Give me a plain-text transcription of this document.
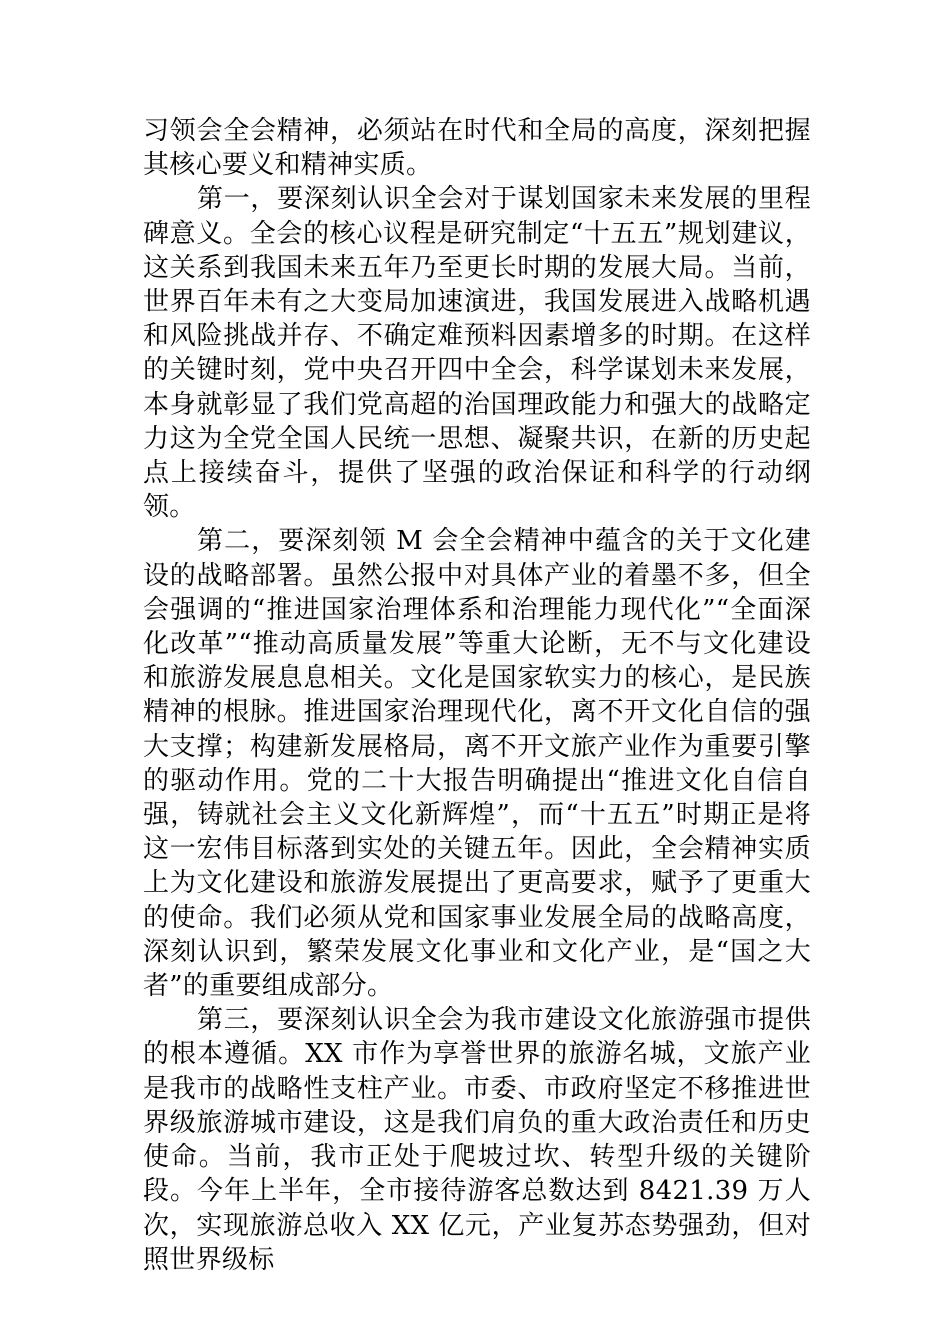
习领会全会精神，必须站在时代和全局的高度，深刻把握其核心要义和精神实质。

第一，要深刻认识全会对于谋划国家未来发展的里程碑意义。全会的核心议程是研究制定“十五五”规划建议，这关系到我国未来五年乃至更长时期的发展大局。当前，世界百年未有之大变局加速演进，我国发展进入战略机遇和风险挑战并存、不确定难预料因素增多的时期。在这样的关键时刻，党中央召开四中全会，科学谋划未来发展，本身就彰显了我们党高超的治国理政能力和强大的战略定力这为全党全国人民统一思想、凝聚共识，在新的历史起点上接续奋斗，提供了坚强的政治保证和科学的行动纲领。

第二，要深刻领 M 会全会精神中蕴含的关于文化建设的战略部署。虽然公报中对具体产业的着墨不多，但全会强调的“推进国家治理体系和治理能力现代化”“全面深化改革”“推动高质量发展”等重大论断，无不与文化建设和旅游发展息息相关。文化是国家软实力的核心，是民族精神的根脉。推进国家治理现代化，离不开文化自信的强大支撑；构建新发展格局，离不开文旅产业作为重要引擎的驱动作用。党的二十大报告明确提出“推进文化自信自强，铸就社会主义文化新辉煌”，而“十五五”时期正是将这一宏伟目标落到实处的关键五年。因此，全会精神实质上为文化建设和旅游发展提出了更高要求，赋予了更重大的使命。我们必须从党和国家事业发展全局的战略高度，深刻认识到，繁荣发展文化事业和文化产业，是“国之大者”的重要组成部分。

第三，要深刻认识全会为我市建设文化旅游强市提供的根本遵循。XX 市作为享誉世界的旅游名城，文旅产业是我市的战略性支柱产业。市委、市政府坚定不移推进世界级旅游城市建设，这是我们肩负的重大政治责任和历史使命。当前，我市正处于爬坡过坎、转型升级的关键阶段。今年上半年，全市接待游客总数达到 8421.39 万人次，实现旅游总收入 XX 亿元，产业复苏态势强劲，但对照世界级标
